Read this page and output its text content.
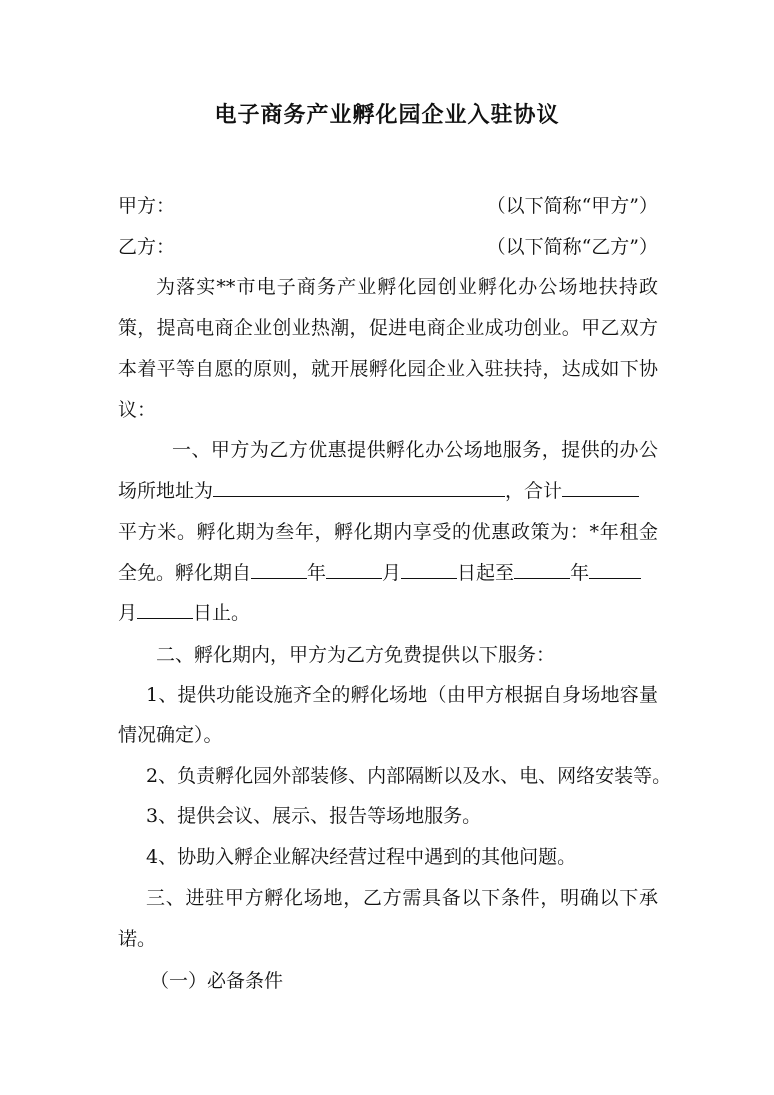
电子商务产业孵化园企业入驻协议
甲方：	（以下简称“甲方”）
乙方：	（以下简称“乙方”）
为落实**市电子商务产业孵化园创业孵化办公场地扶持政
策，提高电商企业创业热潮，促进电商企业成功创业。甲乙双方
本着平等自愿的原则，就开展孵化园企业入驻扶持，达成如下协
议：
一、甲方为乙方优惠提供孵化办公场地服务，提供的办公
场所地址为	，合计
平方米。孵化期为叁年，孵化期内享受的优惠政策为：*年租金
全免。孵化期自	年	月	日起至	年
月	日止。
二、孵化期内，甲方为乙方免费提供以下服务：
1、提供功能设施齐全的孵化场地（由甲方根据自身场地容量
情况确定）。
2、负责孵化园外部装修、内部隔断以及水、电、网络安装等。
3、提供会议、展示、报告等场地服务。
4、协助入孵企业解决经营过程中遇到的其他问题。
三、进驻甲方孵化场地，乙方需具备以下条件，明确以下承
诺。
（一）必备条件
